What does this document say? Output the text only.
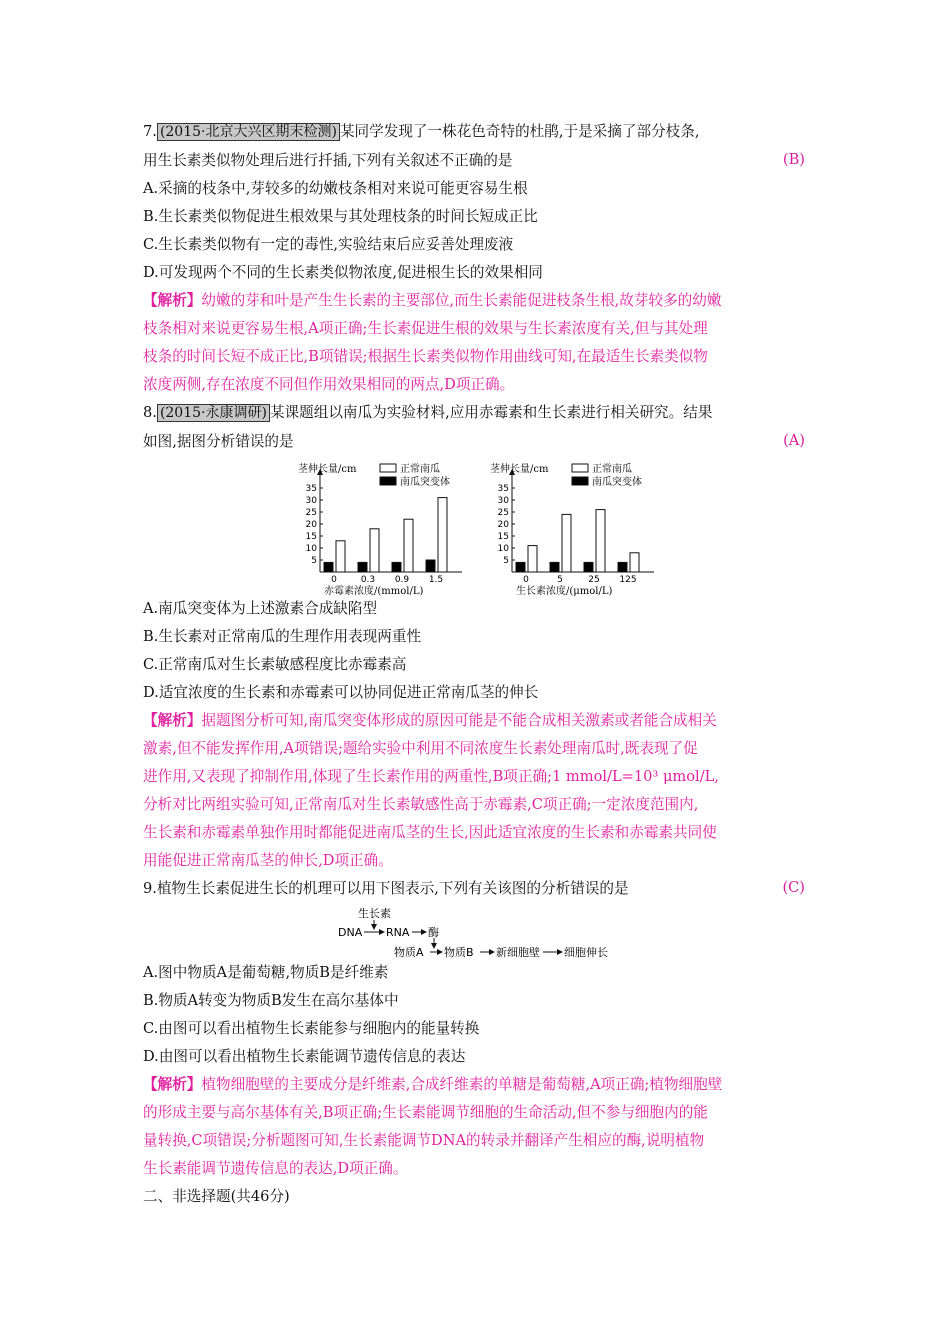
7. (2015·北京大兴区期末检测) 某同学发现了一株花色奇特的杜鹃,于是采摘了部分枝条,
用生长素类似物处理后进行扦插,下列有关叙述不正确的是	(B)
A.采摘的枝条中,芽较多的幼嫩枝条相对来说可能更容易生根
B.生长素类似物促进生根效果与其处理枝条的时间长短成正比
C.生长素类似物有一定的毒性,实验结束后应妥善处理废液
D.可发现两个不同的生长素类似物浓度,促进根生长的效果相同
【解析】幼嫩的芽和叶是产生生长素的主要部位,而生长素能促进枝条生根,故芽较多的幼嫩
枝条相对来说更容易生根,A项正确;生长素促进生根的效果与生长素浓度有关,但与其处理
枝条的时间长短不成正比,B项错误;根据生长素类似物作用曲线可知,在最适生长素类似物
浓度两侧,存在浓度不同但作用效果相同的两点,D项正确。
8. (2015·永康调研) 某课题组以南瓜为实验材料,应用赤霉素和生长素进行相关研究。结果
如图,据图分析错误的是	(A)
5
10
15
20
25
30
35
茎伸长量/cm	正常南瓜
南瓜突变体
0	0.3 0.9 1.5
赤霉素浓度/(mmol/L)
5
10
15
20
25
30
35
茎伸长量/cm	正常南瓜
南瓜突变体
0	5	25 125
生长素浓度/(μmol/L)
A.南瓜突变体为上述激素合成缺陷型
B.生长素对正常南瓜的生理作用表现两重性
C.正常南瓜对生长素敏感程度比赤霉素高
D.适宜浓度的生长素和赤霉素可以协同促进正常南瓜茎的伸长
【解析】据题图分析可知,南瓜突变体形成的原因可能是不能合成相关激素或者能合成相关
激素,但不能发挥作用,A项错误;题给实验中利用不同浓度生长素处理南瓜时,既表现了促
进作用,又表现了抑制作用,体现了生长素作用的两重性,B项正确;1 mmol/L=10³ μmol/L,
分析对比两组实验可知,正常南瓜对生长素敏感性高于赤霉素,C项正确;一定浓度范围内,
生长素和赤霉素单独作用时都能促进南瓜茎的生长,因此适宜浓度的生长素和赤霉素共同使
用能促进正常南瓜茎的伸长,D项正确。
9.植物生长素促进生长的机理可以用下图表示,下列有关该图的分析错误的是	(C)
生长素
DNA RNA 酶
物质A 物质B 新细胞壁 细胞伸长
A.图中物质A是葡萄糖,物质B是纤维素
B.物质A转变为物质B发生在高尔基体中
C.由图可以看出植物生长素能参与细胞内的能量转换
D.由图可以看出植物生长素能调节遗传信息的表达
【解析】植物细胞壁的主要成分是纤维素,合成纤维素的单糖是葡萄糖,A项正确;植物细胞壁
的形成主要与高尔基体有关,B项正确;生长素能调节细胞的生命活动,但不参与细胞内的能
量转换,C项错误;分析题图可知,生长素能调节DNA的转录并翻译产生相应的酶,说明植物
生长素能调节遗传信息的表达,D项正确。
二、非选择题(共46分)
